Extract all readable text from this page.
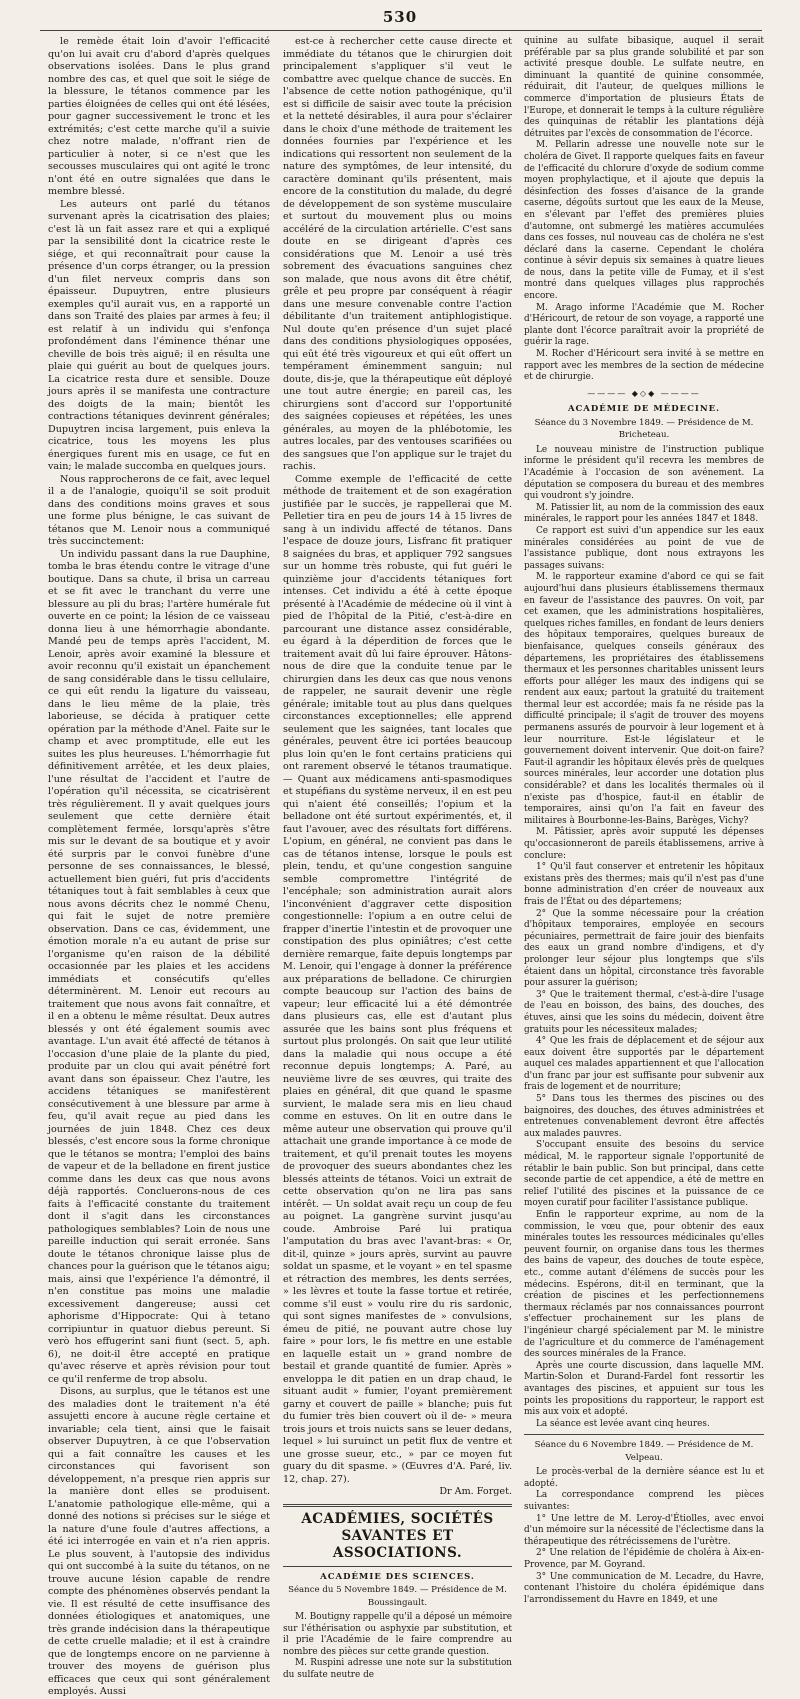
530

le remède était loin d'avoir l'efficacité qu'on lui avait cru d'abord d'après quelques observations isolées. Dans le plus grand nombre des cas, et quel que soit le siége de la blessure, le tétanos commence par les parties éloignées de celles qui ont été lésées, pour gagner successivement le tronc et les extrémités; c'est cette marche qu'il a suivie chez notre malade, n'offrant rien de particulier à noter, si ce n'est que les secousses musculaires qui ont agité le tronc n'ont été en outre signalées que dans le membre blessé.

Les auteurs ont parlé du tétanos survenant après la cicatrisation des plaies; c'est là un fait assez rare et qui a expliqué par la sensibilité dont la cicatrice reste le siége, et qui reconnaîtrait pour cause la présence d'un corps étranger, ou la pression d'un filet nerveux compris dans son épaisseur. Dupuytren, entre plusieurs exemples qu'il aurait vus, en a rapporté un dans son Traité des plaies par armes à feu; il est relatif à un individu qui s'enfonça profondément dans l'éminence thénar une cheville de bois très aiguë; il en résulta une plaie qui guérit au bout de quelques jours. La cicatrice resta dure et sensible. Douze jours après il se manifesta une contracture des doigts de la main; bientôt les contractions tétaniques devinrent générales; Dupuytren incisa largement, puis enleva la cicatrice, tous les moyens les plus énergiques furent mis en usage, ce fut en vain; le malade succomba en quelques jours.

Nous rapprocherons de ce fait, avec lequel il a de l'analogie, quoiqu'il se soit produit dans des conditions moins graves et sous une forme plus bénigne, le cas suivant de tétanos que M. Lenoir nous a communiqué très succinctement:

Un individu passant dans la rue Dauphine, tomba le bras étendu contre le vitrage d'une boutique. Dans sa chute, il brisa un carreau et se fit avec le tranchant du verre une blessure au pli du bras; l'artère humérale fut ouverte en ce point; la lésion de ce vaisseau donna lieu à une hémorrhagie abondante. Mandé peu de temps après l'accident, M. Lenoir, après avoir examiné la blessure et avoir reconnu qu'il existait un épanchement de sang considérable dans le tissu cellulaire, ce qui eût rendu la ligature du vaisseau, dans le lieu même de la plaie, très laborieuse, se décida à pratiquer cette opération par la méthode d'Anel. Faite sur le champ et avec promptitude, elle eut les suites les plus heureuses. L'hémorrhagie fut définitivement arrêtée, et les deux plaies, l'une résultat de l'accident et l'autre de l'opération qu'il nécessita, se cicatrisèrent très régulièrement. Il y avait quelques jours seulement que cette dernière était complètement fermée, lorsqu'après s'être mis sur le devant de sa boutique et y avoir été surpris par le convoi funèbre d'une personne de ses connaissances, le blessé, actuellement bien guéri, fut pris d'accidents tétaniques tout à fait semblables à ceux que nous avons décrits chez le nommé Chenu, qui fait le sujet de notre première observation. Dans ce cas, évidemment, une émotion morale n'a eu autant de prise sur l'organisme qu'en raison de la débilité occasionnée par les plaies et les accidens immédiats et consécutifs qu'elles déterminèrent. M. Lenoir eut recours au traitement que nous avons fait connaître, et il en a obtenu le même résultat. Deux autres blessés y ont été également soumis avec avantage. L'un avait été affecté de tétanos à l'occasion d'une plaie de la plante du pied, produite par un clou qui avait pénétré fort avant dans son épaisseur. Chez l'autre, les accidens tétaniques se manifestèrent consécutivement à une blessure par arme à feu, qu'il avait reçue au pied dans les journées de juin 1848. Chez ces deux blessés, c'est encore sous la forme chronique que le tétanos se montra; l'emploi des bains de vapeur et de la belladone en firent justice comme dans les deux cas que nous avons déjà rapportés. Concluerons-nous de ces faits à l'efficacité constante du traitement dont il s'agit dans les circonstances pathologiques semblables? Loin de nous une pareille induction qui serait erronée. Sans doute le tétanos chronique laisse plus de chances pour la guérison que le tétanos aigu; mais, ainsi que l'expérience l'a démontré, il n'en constitue pas moins une maladie excessivement dangereuse; aussi cet aphorisme d'Hippocrate: Qui à tetano corripiuntur in quatuor diebus pereunt. Si verò hos effugerint sani fiunt (sect. 5, aph. 6), ne doit-il être accepté en pratique qu'avec réserve et après révision pour tout ce qu'il renferme de trop absolu.

Disons, au surplus, que le tétanos est une des maladies dont le traitement n'a été assujetti encore à aucune règle certaine et invariable; cela tient, ainsi que le faisait observer Dupuytren, à ce que l'observation qui a fait connaître les causes et les circonstances qui favorisent son développement, n'a presque rien appris sur la manière dont elles se produisent. L'anatomie pathologique elle-même, qui a donné des notions si précises sur le siége et la nature d'une foule d'autres affections, a été ici interrogée en vain et n'a rien appris. Le plus souvent, à l'autopsie des individus qui ont succombé à la suite du tétanos, on ne trouve aucune lésion capable de rendre compte des phénomènes observés pendant la vie. Il est résulté de cette insuffisance des données étiologiques et anatomiques, une très grande indécision dans la thérapeutique de cette cruelle maladie; et il est à craindre que de longtemps encore on ne parvienne à trouver des moyens de guérison plus efficaces que ceux qui sont généralement employés. Aussi

est-ce à rechercher cette cause directe et immédiate du tétanos que le chirurgien doit principalement s'appliquer s'il veut le combattre avec quelque chance de succès. En l'absence de cette notion pathogénique, qu'il est si difficile de saisir avec toute la précision et la netteté désirables, il aura pour s'éclairer dans le choix d'une méthode de traitement les données fournies par l'expérience et les indications qui ressortent non seulement de la nature des symptômes, de leur intensité, du caractère dominant qu'ils présentent, mais encore de la constitution du malade, du degré de développement de son système musculaire et surtout du mouvement plus ou moins accéléré de la circulation artérielle. C'est sans doute en se dirigeant d'après ces considérations que M. Lenoir a usé très sobrement des évacuations sanguines chez son malade, que nous avons dit être chétif, grêle et peu propre par conséquent à réagir dans une mesure convenable contre l'action débilitante d'un traitement antiphlogistique. Nul doute qu'en présence d'un sujet placé dans des conditions physiologiques opposées, qui eût été très vigoureux et qui eût offert un tempérament éminemment sanguin; nul doute, dis-je, que la thérapeutique eût déployé une tout autre énergie; en pareil cas, les chirurgiens sont d'accord sur l'opportunité des saignées copieuses et répétées, les unes générales, au moyen de la phlébotomie, les autres locales, par des ventouses scarifiées ou des sangsues que l'on applique sur le trajet du rachis.

Comme exemple de l'efficacité de cette méthode de traitement et de son exagération justifiée par le succès, je rappellerai que M. Pelletier tira en peu de jours 14 à 15 livres de sang à un individu affecté de tétanos. Dans l'espace de douze jours, Lisfranc fit pratiquer 8 saignées du bras, et appliquer 792 sangsues sur un homme très robuste, qui fut guéri le quinzième jour d'accidents tétaniques fort intenses. Cet individu a été à cette époque présenté à l'Académie de médecine où il vint à pied de l'hôpital de la Pitié, c'est-à-dire en parcourant une distance assez considérable, eu égard à la déperdition de forces que le traitement avait dû lui faire éprouver. Hâtons-nous de dire que la conduite tenue par le chirurgien dans les deux cas que nous venons de rappeler, ne saurait devenir une règle générale; imitable tout au plus dans quelques circonstances exceptionnelles; elle apprend seulement que les saignées, tant locales que générales, peuvent être ici portées beaucoup plus loin qu'en le font certains praticiens qui ont rarement observé le tétanos traumatique. — Quant aux médicamens anti-spasmodiques et stupéfians du système nerveux, il en est peu qui n'aient été conseillés; l'opium et la belladone ont été surtout expérimentés, et, il faut l'avouer, avec des résultats fort différens. L'opium, en général, ne convient pas dans le cas de tétanos intense, lorsque le pouls est plein, tendu, et qu'une congestion sanguine semble compromettre l'intégrité de l'encéphale; son administration aurait alors l'inconvénient d'aggraver cette disposition congestionnelle: l'opium a en outre celui de frapper d'inertie l'intestin et de provoquer une constipation des plus opiniâtres; c'est cette dernière remarque, faite depuis longtemps par M. Lenoir, qui l'engage à donner la préférence aux préparations de belladone. Ce chirurgien compte beaucoup sur l'action des bains de vapeur; leur efficacité lui a été démontrée dans plusieurs cas, elle est d'autant plus assurée que les bains sont plus fréquens et surtout plus prolongés. On sait que leur utilité dans la maladie qui nous occupe a été reconnue depuis longtemps; A. Paré, au neuvième livre de ses œuvres, qui traite des plaies en général, dit que quand le spasme survient, le malade sera mis en lieu chaud comme en estuves. On lit en outre dans le même auteur une observation qui prouve qu'il attachait une grande importance à ce mode de traitement, et qu'il prenait toutes les moyens de provoquer des sueurs abondantes chez les blessés atteints de tétanos. Voici un extrait de cette observation qu'on ne lira pas sans intérêt. — Un soldat avait reçu un coup de feu au poignet. La gangrène survint jusqu'au coude. Ambroise Paré lui pratiqua l'amputation du bras avec l'avant-bras: « Or, dit-il, quinze » jours après, survint au pauvre soldat un spasme, et le voyant » en tel spasme et rétraction des membres, les dents serrées, » les lèvres et toute la fasse tortue et retirée, comme s'il eust » voulu rire du ris sardonic, qui sont signes manifestes de » convulsions, émeu de pitié, ne pouvant autre chose luy faire » pour lors, le fis mettre en une estable en laquelle estait un » grand nombre de bestail et grande quantité de fumier. Après » enveloppa le dit patien en un drap chaud, le situant audit » fumier, l'oyant premièrement garny et couvert de paille » blanche; puis fut du fumier très bien couvert où il de- » meura trois jours et trois nuicts sans se leuer dedans, lequel » lui suruinct un petit flux de ventre et une grosse sueur, etc., » par ce moyen fut guary du dit spasme. » (Œuvres d'A. Paré, liv. 12, chap. 27).

Dr Am. Forget.
ACADÉMIES, SOCIÉTÉS SAVANTES ET ASSOCIATIONS.
ACADÉMIE DES SCIENCES.
Séance du 5 Novembre 1849. — Présidence de M. Boussingault.

M. Boutigny rappelle qu'il a déposé un mémoire sur l'éthérisation ou asphyxie par substitution, et il prie l'Académie de le faire comprendre au nombre des pièces sur cette grande question.

M. Ruspini adresse une note sur la substitution du sulfate neutre de

quinine au sulfate bibasique, auquel il serait préférable par sa plus grande solubilité et par son activité presque double. Le sulfate neutre, en diminuant la quantité de quinine consommée, réduirait, dit l'auteur, de quelques millions le commerce d'importation de plusieurs États de l'Europe, et donnerait le temps à la culture régulière des quinquinas de rétablir les plantations déjà détruites par l'excès de consommation de l'écorce.

M. Pellarin adresse une nouvelle note sur le choléra de Givet. Il rapporte quelques faits en faveur de l'efficacité du chlorure d'oxyde de sodium comme moyen prophylactique, et il ajoute que depuis la désinfection des fosses d'aisance de la grande caserne, dégoûts surtout que les eaux de la Meuse, en s'élevant par l'effet des premières pluies d'automne, ont submergé les matières accumulées dans ces fosses, nul nouveau cas de choléra ne s'est déclaré dans la caserne. Cependant le choléra continue à sévir depuis six semaines à quatre lieues de nous, dans la petite ville de Fumay, et il s'est montré dans quelques villages plus rapprochés encore.

M. Arago informe l'Académie que M. Rocher d'Héricourt, de retour de son voyage, a rapporté une plante dont l'écorce paraîtrait avoir la propriété de guérir la rage.

M. Rocher d'Héricourt sera invité à se mettre en rapport avec les membres de la section de médecine et de chirurgie.

———— ◆◇◆ ————
ACADÉMIE DE MÉDECINE.
Séance du 3 Novembre 1849. — Présidence de M. Bricheteau.

Le nouveau ministre de l'instruction publique informe le président qu'il recevra les membres de l'Académie à l'occasion de son avénement. La députation se composera du bureau et des membres qui voudront s'y joindre.

M. Patissier lit, au nom de la commission des eaux minérales, le rapport pour les années 1847 et 1848.

Ce rapport est suivi d'un appendice sur les eaux minérales considérées au point de vue de l'assistance publique, dont nous extrayons les passages suivans:

M. le rapporteur examine d'abord ce qui se fait aujourd'hui dans plusieurs établissemens thermaux en faveur de l'assistance des pauvres. On voit, par cet examen, que les administrations hospitalières, quelques riches familles, en fondant de leurs deniers des hôpitaux temporaires, quelques bureaux de bienfaisance, quelques conseils généraux des départemens, les propriétaires des établissemens thermaux et les personnes charitables unissent leurs efforts pour alléger les maux des indigens qui se rendent aux eaux; partout la gratuité du traitement thermal leur est accordée; mais fa ne réside pas la difficulté principale; il s'agit de trouver des moyens permanens assurés de pourvoir à leur logement et à leur nourriture. Est-le législateur et le gouvernement doivent intervenir. Que doit-on faire? Faut-il agrandir les hôpitaux élevés près de quelques sources minérales, leur accorder une dotation plus considérable? et dans les localités thermales où il n'existe pas d'hospice, faut-il en établir de temporaires, ainsi qu'on l'a fait en faveur des militaires à Bourbonne-les-Bains, Barèges, Vichy?

M. Pâtissier, après avoir supputé les dépenses qu'occasionneront de pareils établissemens, arrive à conclure:

1° Qu'il faut conserver et entretenir les hôpitaux existans près des thermes; mais qu'il n'est pas d'une bonne administration d'en créer de nouveaux aux frais de l'État ou des départemens;

2° Que la somme nécessaire pour la création d'hôpitaux temporaires, employée en secours pécuniaires, permettrait de faire jouir des bienfaits des eaux un grand nombre d'indigens, et d'y prolonger leur séjour plus longtemps que s'ils étaient dans un hôpital, circonstance très favorable pour assurer la guérison;

3° Que le traitement thermal, c'est-à-dire l'usage de l'eau en boisson, des bains, des douches, des étuves, ainsi que les soins du médecin, doivent être gratuits pour les nécessiteux malades;

4° Que les frais de déplacement et de séjour aux eaux doivent être supportés par le département auquel ces malades appartiennent et que l'allocation d'un franc par jour est suffisante pour subvenir aux frais de logement et de nourriture;

5° Dans tous les thermes des piscines ou des baignoires, des douches, des étuves administrées et entretenues convenablement devront être affectés aux malades pauvres.

S'occupant ensuite des besoins du service médical, M. le rapporteur signale l'opportunité de rétablir le bain public. Son but principal, dans cette seconde partie de cet appendice, a été de mettre en relief l'utilité des piscines et la puissance de ce moyen curatif pour faciliter l'assistance publique.

Enfin le rapporteur exprime, au nom de la commission, le vœu que, pour obtenir des eaux minérales toutes les ressources médicinales qu'elles peuvent fournir, on organise dans tous les thermes des bains de vapeur, des douches de toute espèce, etc., comme autant d'élémens de succès pour les médecins. Espérons, dit-il en terminant, que la création de piscines et les perfectionnemens thermaux réclamés par nos connaissances pourront s'effectuer prochainement sur les plans de l'ingénieur chargé spécialement par M. le ministre de l'agriculture et du commerce de l'aménagement des sources minérales de la France.

Après une courte discussion, dans laquelle MM. Martin-Solon et Durand-Fardel font ressortir les avantages des piscines, et appuient sur tous les points les propositions du rapporteur, le rapport est mis aux voix et adopté.

La séance est levée avant cinq heures.

Séance du 6 Novembre 1849. — Présidence de M. Velpeau.

Le procès-verbal de la dernière séance est lu et adopté.

La correspondance comprend les pièces suivantes:

1° Une lettre de M. Leroy-d'Étiolles, avec envoi d'un mémoire sur la nécessité de l'éclectisme dans la thérapeutique des rétrécissemens de l'urètre.

2° Une relation de l'épidémie de choléra à Aix-en-Provence, par M. Goyrand.

3° Une communication de M. Lecadre, du Havre, contenant l'histoire du choléra épidémique dans l'arrondissement du Havre en 1849, et une
